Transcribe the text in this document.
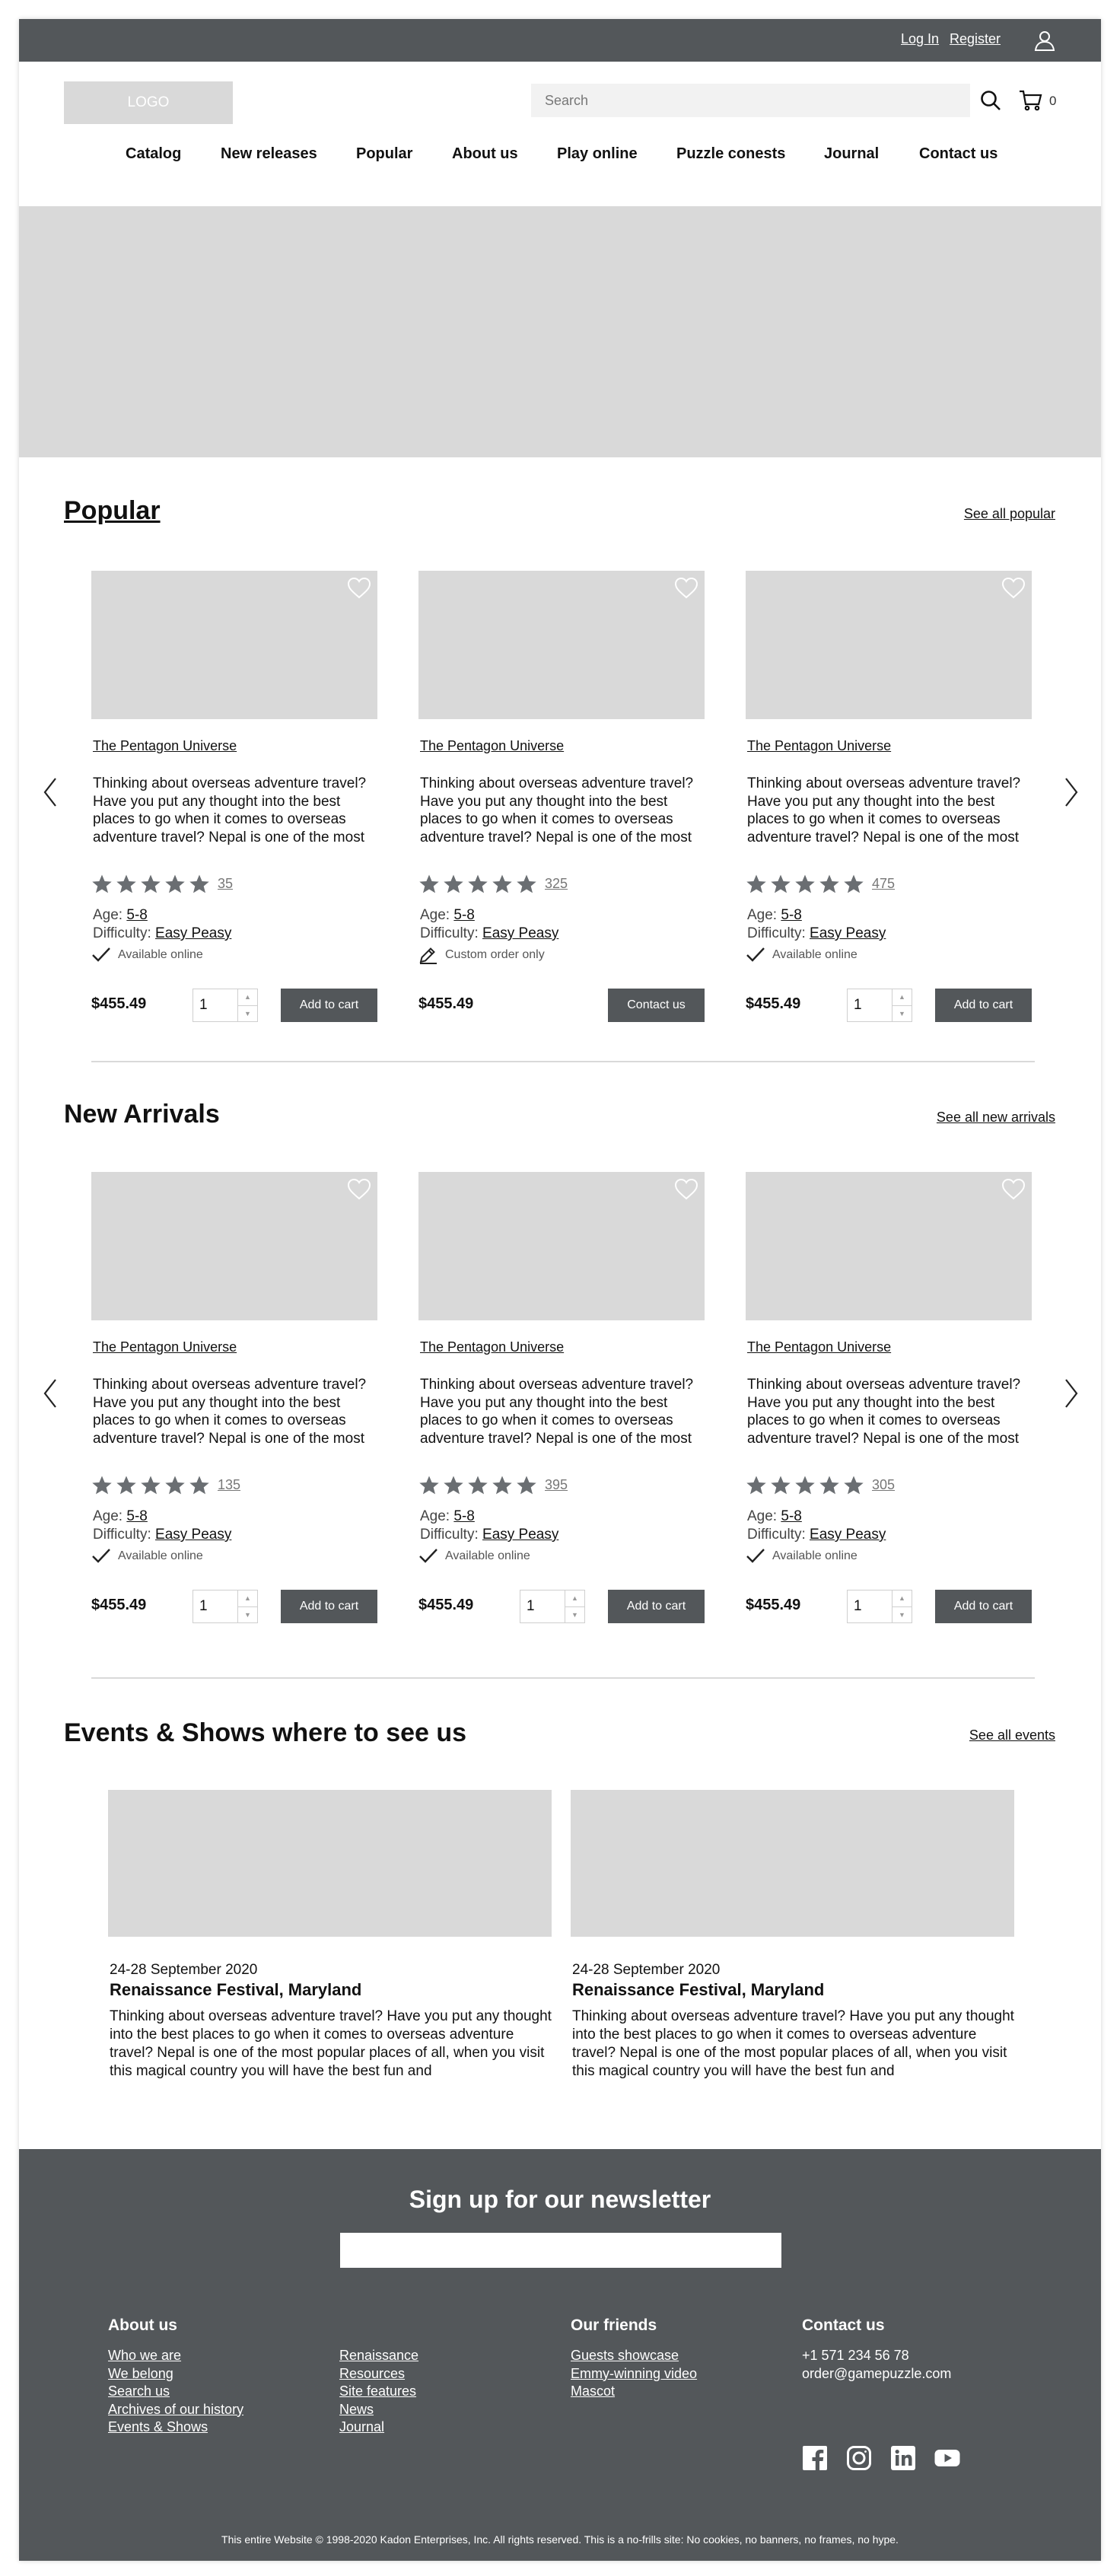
Log In Register
LOGO
Search	0
Catalog	New releases	Popular	About us	Play online	Puzzle conests	Journal	Contact us
Popular	See all popular
New Arrivals	See all new arrivals
Events & Shows where to see us	See all events
24-28 September 2020
Renaissance Festival, Maryland
Thinking about overseas adventure travel? Have you put any thought into the best places to go when it comes to overseas adventure travel? Nepal is one of the most popular places of all, when you visit this magical country you will have the best fun and
24-28 September 2020
Renaissance Festival, Maryland
Thinking about overseas adventure travel? Have you put any thought into the best places to go when it comes to overseas adventure travel? Nepal is one of the most popular places of all, when you visit this magical country you will have the best fun and
Sign up for our newsletter
About us
Who we are
We belong
Search us
Archives of our history
Events & Shows
Renaissance
Resources
Site features
News
Journal
Our friends
Guests showcase
Emmy-winning video
Mascot
Contact us
+1 571 234 56 78
order@gamepuzzle.com
This entire Website © 1998-2020 Kadon Enterprises, Inc. All rights reserved. This is a no-frills site: No cookies, no banners, no frames, no hype.
The Pentagon Universe
Thinking about overseas adventure travel? Have you put any thought into the best places to go when it comes to overseas adventure travel? Nepal is one of the most
35
Age: 5-8
Difficulty: Easy Peasy
Available online
$455.49	1	▲
▼
Add to cart
The Pentagon Universe
Thinking about overseas adventure travel? Have you put any thought into the best places to go when it comes to overseas adventure travel? Nepal is one of the most
325
Age: 5-8
Difficulty: Easy Peasy
Custom order only
$455.49	Contact us
The Pentagon Universe
Thinking about overseas adventure travel? Have you put any thought into the best places to go when it comes to overseas adventure travel? Nepal is one of the most
475
Age: 5-8
Difficulty: Easy Peasy
Available online
$455.49	1	▲
▼
Add to cart
The Pentagon Universe
Thinking about overseas adventure travel? Have you put any thought into the best places to go when it comes to overseas adventure travel? Nepal is one of the most
135
Age: 5-8
Difficulty: Easy Peasy
Available online
$455.49	1	▲
▼
Add to cart
The Pentagon Universe
Thinking about overseas adventure travel? Have you put any thought into the best places to go when it comes to overseas adventure travel? Nepal is one of the most
395
Age: 5-8
Difficulty: Easy Peasy
Available online
$455.49	1	▲
▼
Add to cart
The Pentagon Universe
Thinking about overseas adventure travel? Have you put any thought into the best places to go when it comes to overseas adventure travel? Nepal is one of the most
305
Age: 5-8
Difficulty: Easy Peasy
Available online
$455.49	1	▲
▼
Add to cart
